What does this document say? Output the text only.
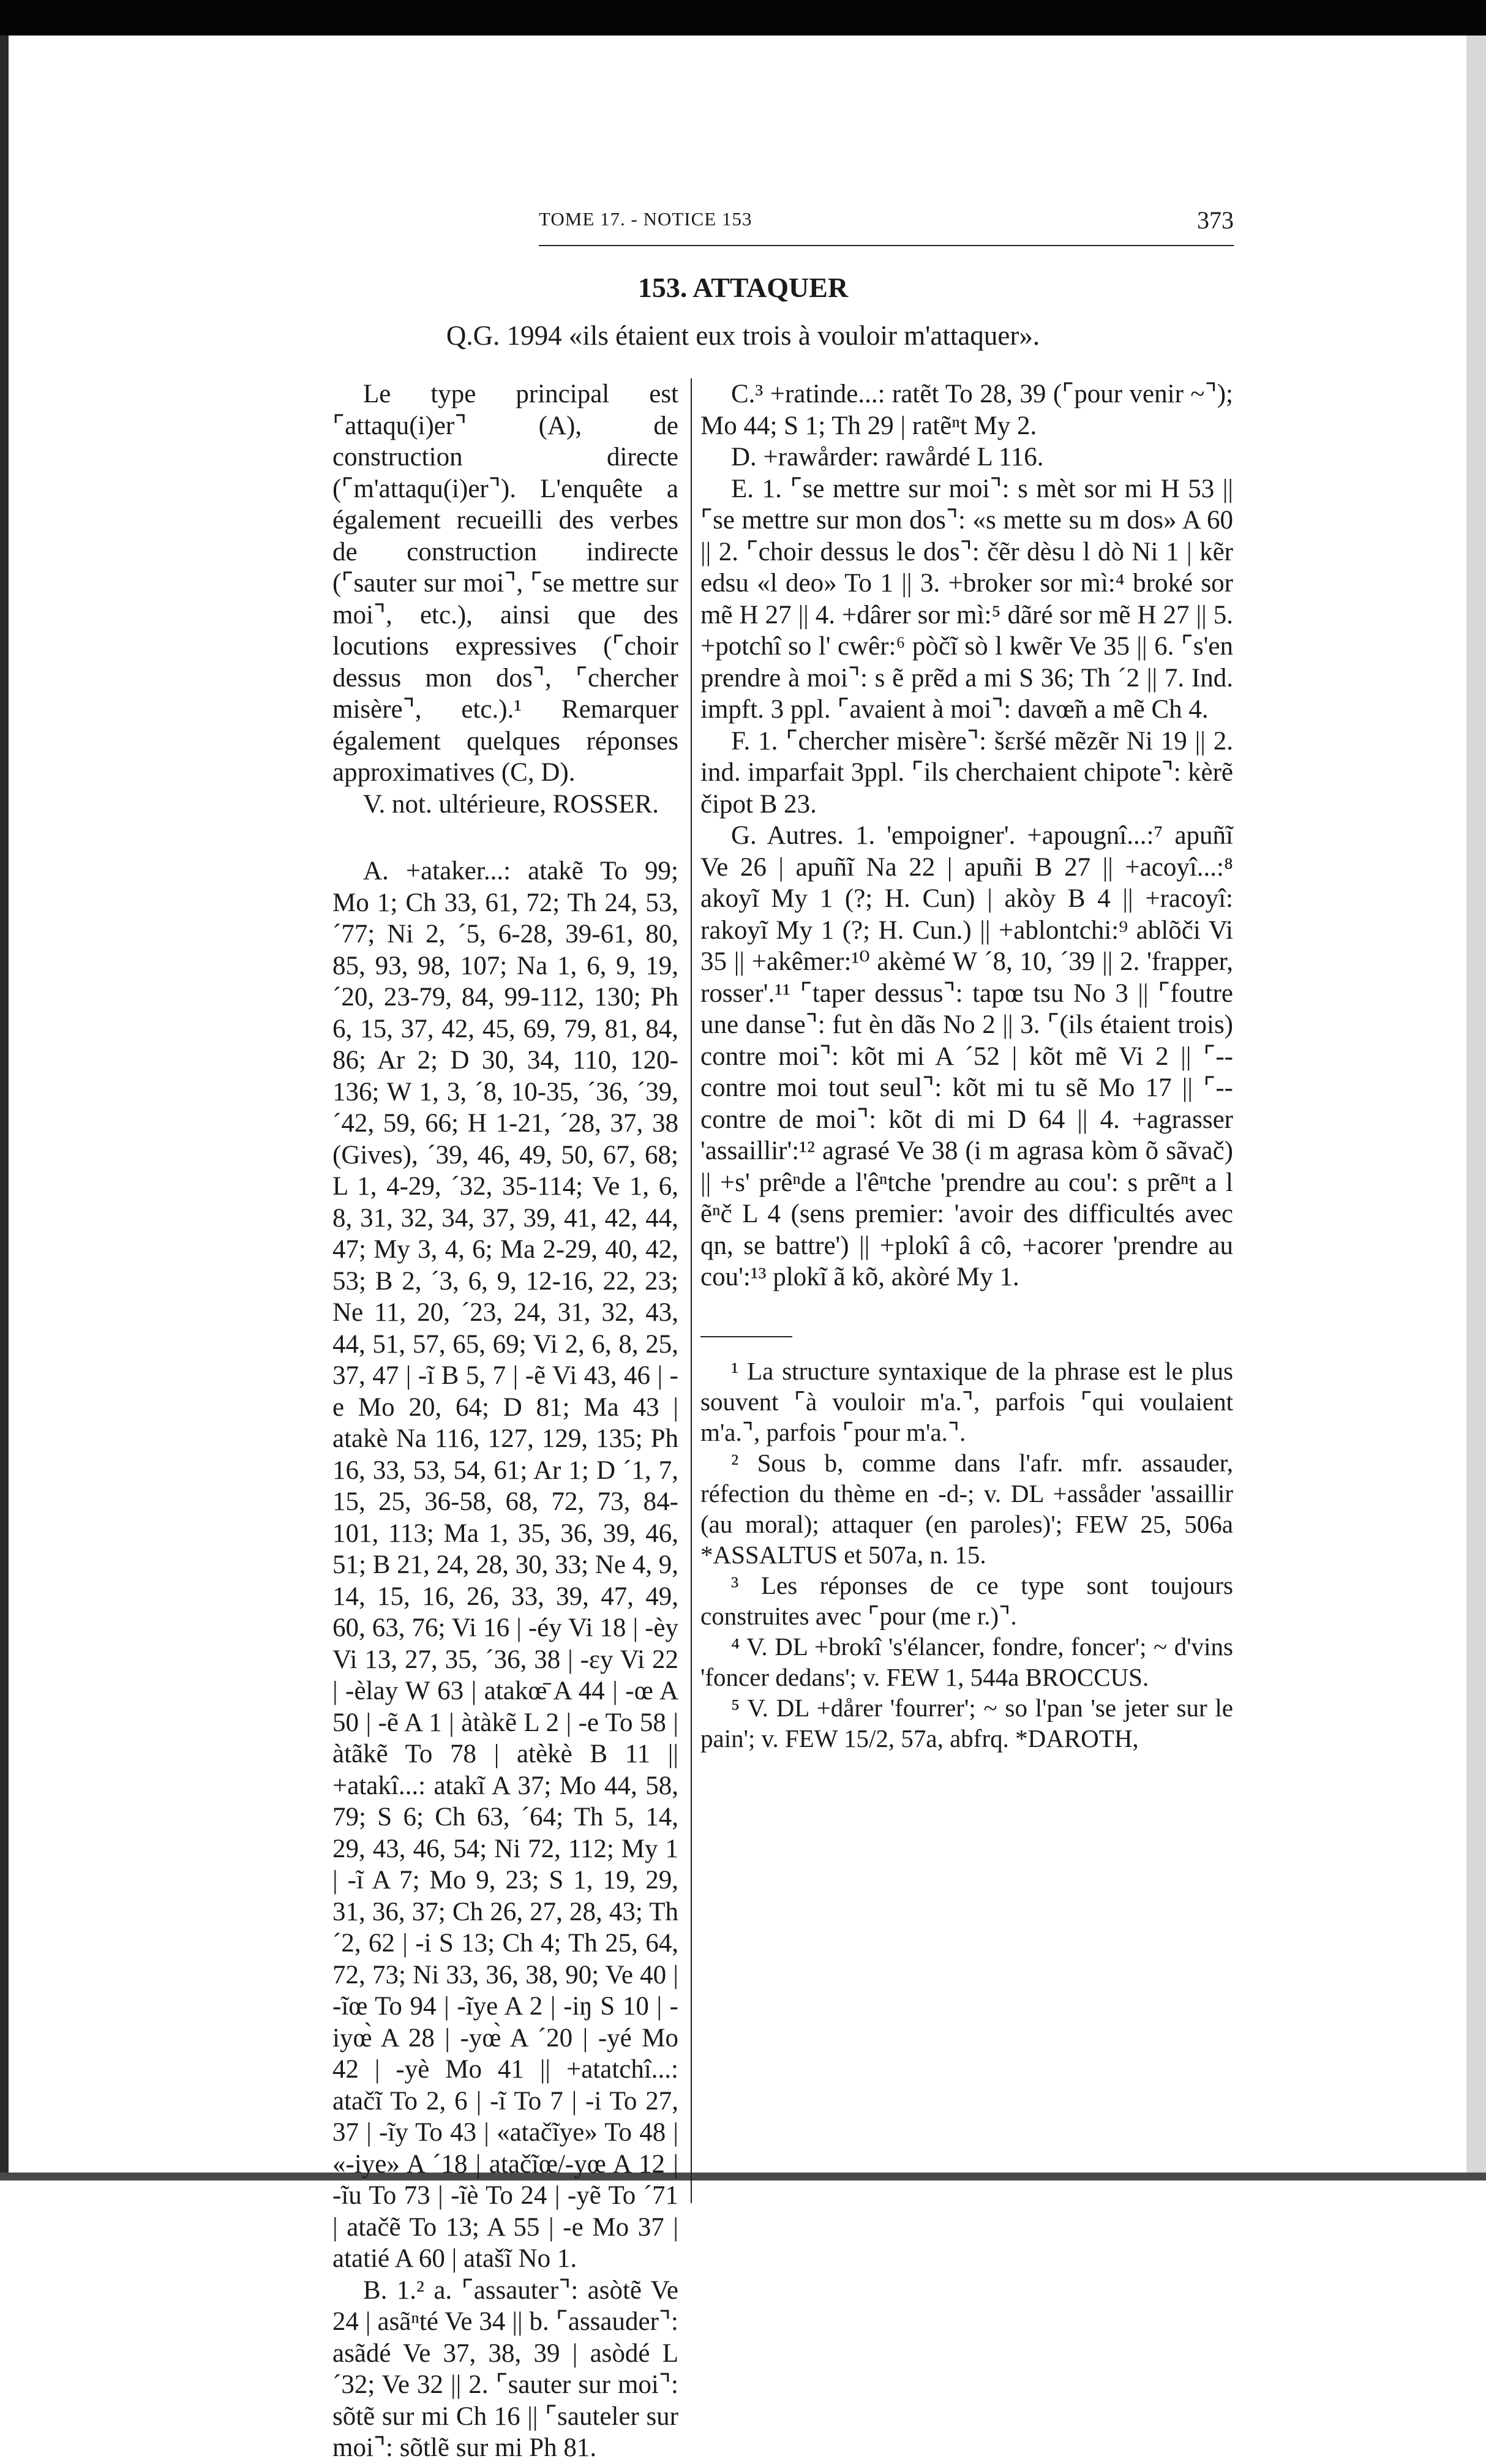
TOME 17. - NOTICE 153	373
153. ATTAQUER
Q.G. 1994 «ils étaient eux trois à vouloir m'attaquer».

Le type principal est ⌜attaqu(i)er⌝ (A), de construction directe (⌜m'attaqu(i)er⌝). L'enquête a également recueilli des verbes de construction indirecte (⌜sauter sur moi⌝, ⌜se mettre sur moi⌝, etc.), ainsi que des locutions expressives (⌜choir dessus mon dos⌝, ⌜chercher misère⌝, etc.).¹ Remarquer également quelques réponses approximatives (C, D).

V. not. ultérieure, ROSSER.

A. +ataker...: atakẽ To 99; Mo 1; Ch 33, 61, 72; Th 24, 53, ´77; Ni 2, ´5, 6-28, 39-61, 80, 85, 93, 98, 107; Na 1, 6, 9, 19, ´20, 23-79, 84, 99-112, 130; Ph 6, 15, 37, 42, 45, 69, 79, 81, 84, 86; Ar 2; D 30, 34, 110, 120-136; W 1, 3, ´8, 10-35, ´36, ´39, ´42, 59, 66; H 1-21, ´28, 37, 38 (Gives), ´39, 46, 49, 50, 67, 68; L 1, 4-29, ´32, 35-114; Ve 1, 6, 8, 31, 32, 34, 37, 39, 41, 42, 44, 47; My 3, 4, 6; Ma 2-29, 40, 42, 53; B 2, ´3, 6, 9, 12-16, 22, 23; Ne 11, 20, ´23, 24, 31, 32, 43, 44, 51, 57, 65, 69; Vi 2, 6, 8, 25, 37, 47 | -ĩ B 5, 7 | -ẽ Vi 43, 46 | -e Mo 20, 64; D 81; Ma 43 | atakè Na 116, 127, 129, 135; Ph 16, 33, 53, 54, 61; Ar 1; D ´1, 7, 15, 25, 36-58, 68, 72, 73, 84-101, 113; Ma 1, 35, 36, 39, 46, 51; B 21, 24, 28, 30, 33; Ne 4, 9, 14, 15, 16, 26, 33, 39, 47, 49, 60, 63, 76; Vi 16 | -éy Vi 18 | -èy Vi 13, 27, 35, ´36, 38 | -ɛy Vi 22 | -èlay W 63 | atakœ̄ A 44 | -œ A 50 | -ẽ A 1 | àtàkẽ L 2 | -e To 58 | àtãkẽ To 78 | atèkè B 11 || +atakî...: atakĩ A 37; Mo 44, 58, 79; S 6; Ch 63, ´64; Th 5, 14, 29, 43, 46, 54; Ni 72, 112; My 1 | -ĩ A 7; Mo 9, 23; S 1, 19, 29, 31, 36, 37; Ch 26, 27, 28, 43; Th ´2, 62 | -i S 13; Ch 4; Th 25, 64, 72, 73; Ni 33, 36, 38, 90; Ve 40 | -ĩœ To 94 | -ĩye A 2 | -iŋ S 10 | -iyœ̀ A 28 | -yœ̀ A ´20 | -yé Mo 42 | -yè Mo 41 || +atatchî...: atačĩ To 2, 6 | -ĩ To 7 | -i To 27, 37 | -ĩy To 43 | «atačĩye» To 48 | «-iye» A ´18 | atačĩœ/-yœ A 12 | -ĩu To 73 | -ĩè To 24 | -yẽ To ´71 | atačẽ To 13; A 55 | -e Mo 37 | atatié A 60 | atašĩ No 1.

B. 1.² a. ⌜assauter⌝: asòtẽ Ve 24 | asãⁿté Ve 34 || b. ⌜assauder⌝: asãdé Ve 37, 38, 39 | asòdé L ´32; Ve 32 || 2. ⌜sauter sur moi⌝: sõtẽ sur mi Ch 16 || ⌜sauteler sur moi⌝: sõtlẽ sur mi Ph 81.

C.³ +ratinde...: ratẽt To 28, 39 (⌜pour venir ~⌝); Mo 44; S 1; Th 29 | ratẽⁿt My 2.

D. +rawårder: rawårdé L 116.

E. 1. ⌜se mettre sur moi⌝: s mèt sor mi H 53 || ⌜se mettre sur mon dos⌝: «s mette su m dos» A 60 || 2. ⌜choir dessus le dos⌝: čẽr dèsu l dò Ni 1 | kẽr edsu «l deo» To 1 || 3. +broker sor mì:⁴ broké sor mẽ H 27 || 4. +dârer sor mì:⁵ dãré sor mẽ H 27 || 5. +potchî so l' cwêr:⁶ pòčĩ sò l kwẽr Ve 35 || 6. ⌜s'en prendre à moi⌝: s ẽ prẽd a mi S 36; Th ´2 || 7. Ind. impft. 3 ppl. ⌜avaient à moi⌝: davœ̃n a mẽ Ch 4.

F. 1. ⌜chercher misère⌝: šɛršé mẽzẽr Ni 19 || 2. ind. imparfait 3ppl. ⌜ils cherchaient chipote⌝: kèrẽ čipot B 23.

G. Autres. 1. 'empoigner'. +apougnî...:⁷ apuñĩ Ve 26 | apuñĩ Na 22 | apuñi B 27 || +acoyî...:⁸ akoyĩ My 1 (?; H. Cun) | akòy B 4 || +racoyî: rakoyĩ My 1 (?; H. Cun.) || +ablontchi:⁹ ablõči Vi 35 || +akêmer:¹⁰ akèmé W ´8, 10, ´39 || 2. 'frapper, rosser'.¹¹ ⌜taper dessus⌝: tapœ tsu No 3 || ⌜foutre une danse⌝: fut èn dãs No 2 || 3. ⌜(ils étaient trois) contre moi⌝: kõt mi A ´52 | kõt mẽ Vi 2 || ⌜-- contre moi tout seul⌝: kõt mi tu sẽ Mo 17 || ⌜-- contre de moi⌝: kõt di mi D 64 || 4. +agrasser 'assaillir':¹² agrasé Ve 38 (i m agrasa kòm õ sãvač) || +s' prêⁿde a l'êⁿtche 'prendre au cou': s prẽⁿt a l ẽⁿč L 4 (sens premier: 'avoir des difficultés avec qn, se battre') || +plokî â cô, +acorer 'prendre au cou':¹³ plokĩ ã kõ, akòré My 1.

¹ La structure syntaxique de la phrase est le plus souvent ⌜à vouloir m'a.⌝, parfois ⌜qui voulaient m'a.⌝, parfois ⌜pour m'a.⌝.

² Sous b, comme dans l'afr. mfr. assauder, réfection du thème en -d-; v. DL +assåder 'assaillir (au moral); attaquer (en paroles)'; FEW 25, 506a *ASSALTUS et 507a, n. 15.

³ Les réponses de ce type sont toujours construites avec ⌜pour (me r.)⌝.

⁴ V. DL +brokî 's'élancer, fondre, foncer'; ~ d'vins 'foncer dedans'; v. FEW 1, 544a BROCCUS.

⁵ V. DL +dårer 'fourrer'; ~ so l'pan 'se jeter sur le pain'; v. FEW 15/2, 57a, abfrq. *DAROTH,
